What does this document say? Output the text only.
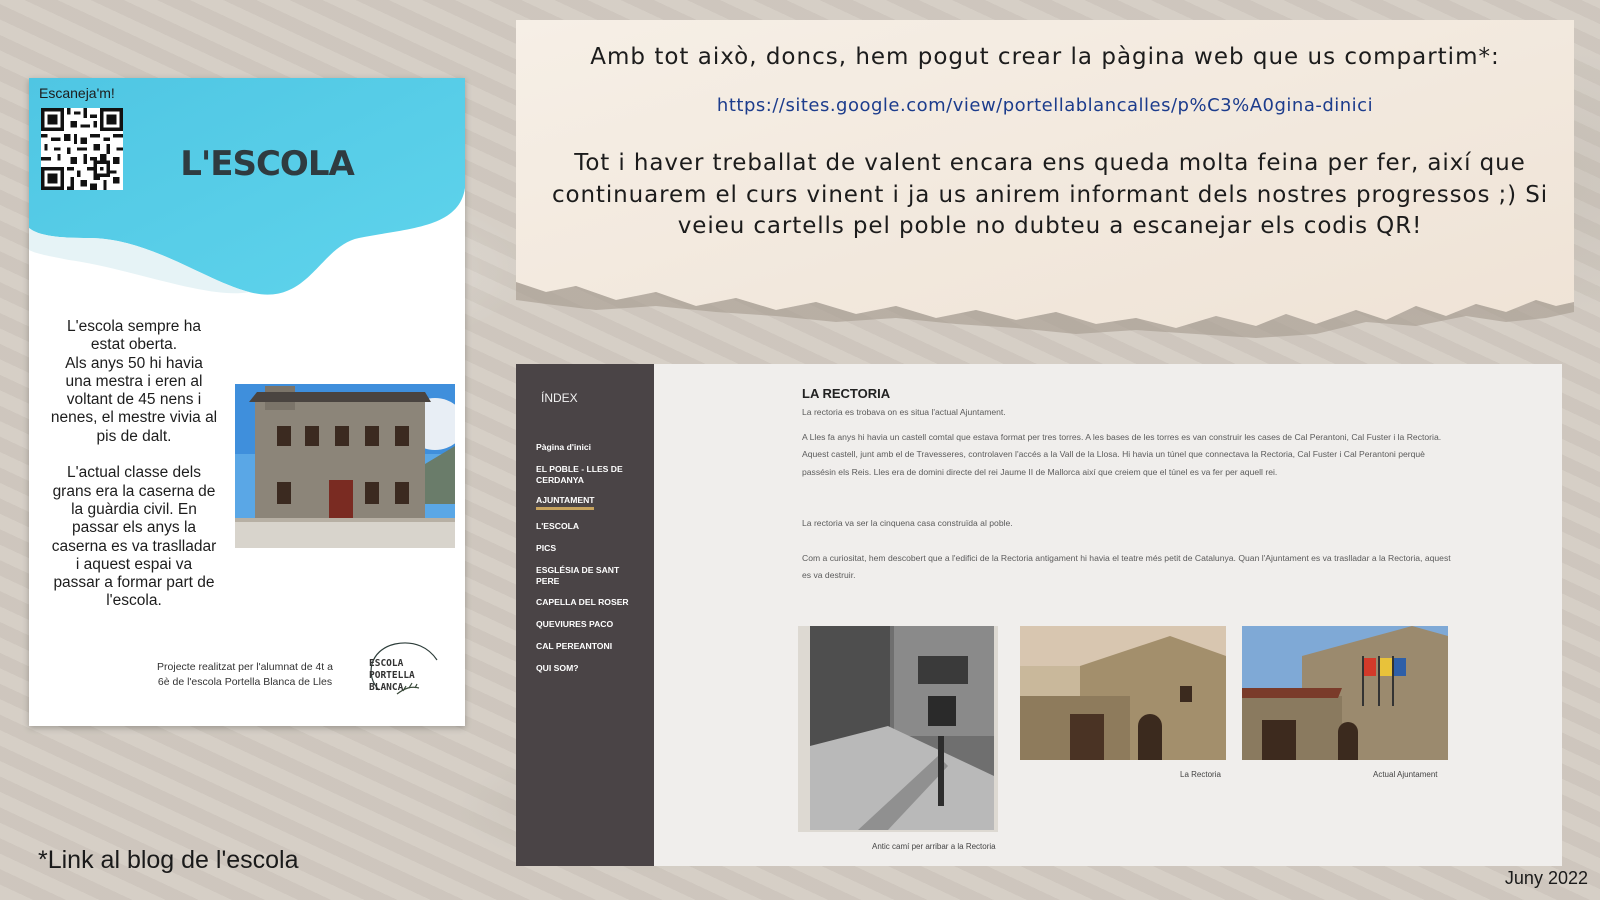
Escaneja'm!
L'ESCOLA
L'escola sempre ha
estat oberta.
Als anys 50 hi havia
una mestra i eren al
voltant de 45 nens i
nenes, el mestre vivia al
pis de dalt.

L'actual classe dels
grans era la caserna de
la guàrdia civil. En
passar els anys la
caserna es va traslladar
i aquest espai va
passar a formar part de
l'escola.
Projecte realitzat per l'alumnat de 4t a
6è de l'escola Portella Blanca de Lles
ESCOLA
PORTELLA BLANCA
Amb tot això, doncs, hem pogut crear la pàgina web que us compartim*:
https://sites.google.com/view/portellablancalles/p%C3%A0gina-dinici
Tot i haver treballat de valent encara ens queda molta feina per fer, així que continuarem el curs vinent i ja us anirem informant dels nostres progressos ;) Si veieu cartells pel poble no dubteu a escanejar els codis QR!
ÍNDEX
Pàgina d'inici
EL POBLE - LLES DE CERDANYA
AJUNTAMENT
L'ESCOLA
PICS
ESGLÉSIA DE SANT PERE
CAPELLA DEL ROSER
QUEVIURES PACO
CAL PEREANTONI
QUI SOM?
LA RECTORIA
La rectoria es trobava on es situa l'actual Ajuntament.
A Lles fa anys hi havia un castell comtal que estava format per tres torres. A les bases de les torres es van construir les cases de Cal Perantoni, Cal Fuster i la Rectoria. Aquest castell, junt amb el de Travesseres, controlaven l'accés a la Vall de la Llosa. Hi havia un túnel que connectava la Rectoria, Cal Fuster i Cal Perantoni perquè passésin els Reis. Lles era de domini directe del rei Jaume II de Mallorca així que creiem que el túnel es va fer per aquell rei.
La rectoria va ser la cinquena casa construïda al poble.
Com a curiositat, hem descobert que a l'edifici de la Rectoria antigament hi havia el teatre més petit de Catalunya. Quan l'Ajuntament es va traslladar a la Rectoria, aquest es va destruir.
Antic camí per arribar a la Rectoria
La Rectoria	Actual Ajuntament
*Link al blog de l'escola
Juny 2022
